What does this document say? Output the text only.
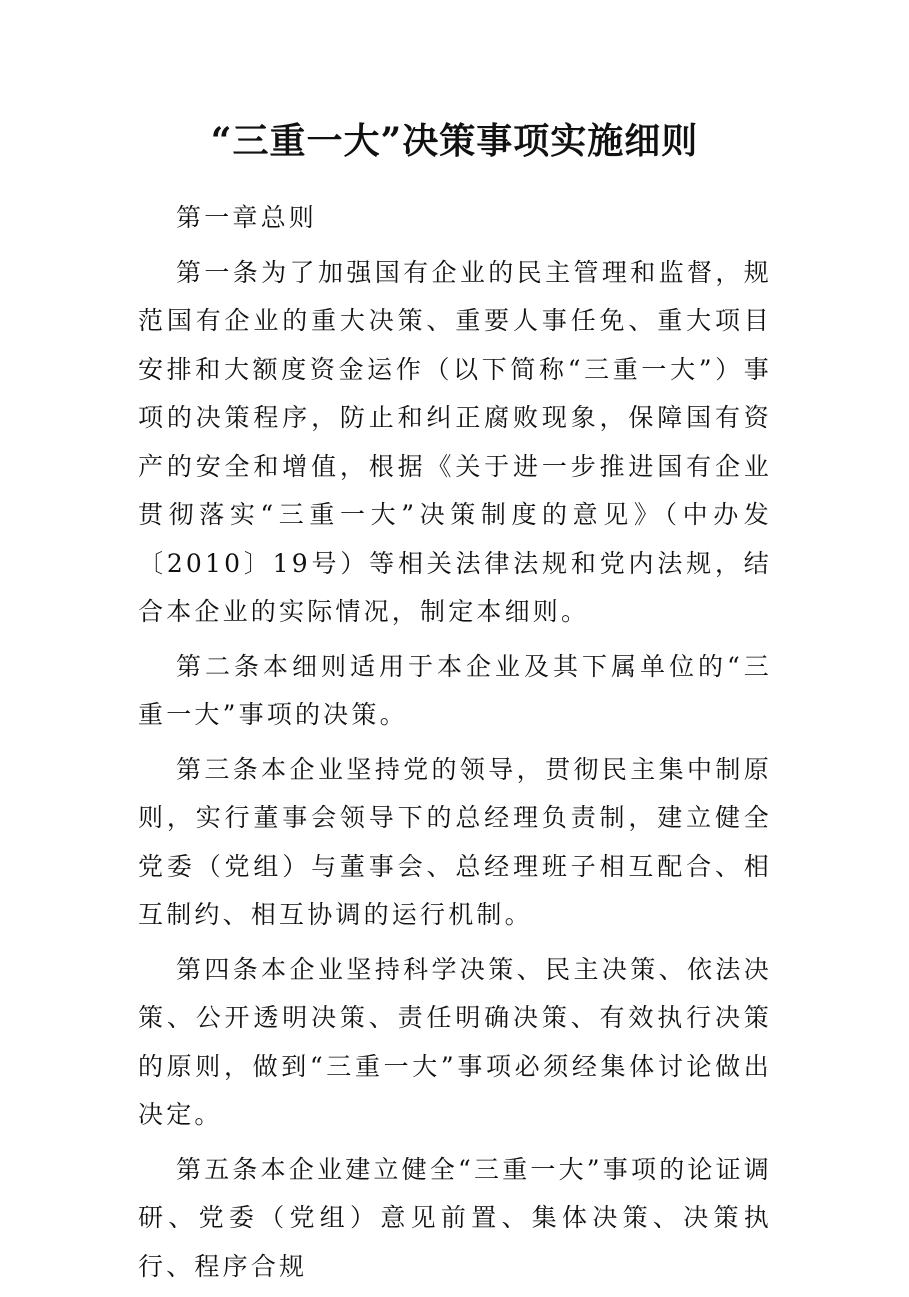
“三重一大”决策事项实施细则

第一章总则

第一条为了加强国有企业的民主管理和监督，规范国有企业的重大决策、重要人事任免、重大项目安排和大额度资金运作（以下简称“三重一大”）事项的决策程序，防止和纠正腐败现象，保障国有资产的安全和增值，根据《关于进一步推进国有企业贯彻落实“三重一大”决策制度的意见》（中办发〔2010〕19号）等相关法律法规和党内法规，结合本企业的实际情况，制定本细则。

第二条本细则适用于本企业及其下属单位的“三重一大”事项的决策。

第三条本企业坚持党的领导，贯彻民主集中制原则，实行董事会领导下的总经理负责制，建立健全党委（党组）与董事会、总经理班子相互配合、相互制约、相互协调的运行机制。

第四条本企业坚持科学决策、民主决策、依法决策、公开透明决策、责任明确决策、有效执行决策的原则，做到“三重一大”事项必须经集体讨论做出决定。

第五条本企业建立健全“三重一大”事项的论证调研、党委（党组）意见前置、集体决策、决策执行、程序合规
